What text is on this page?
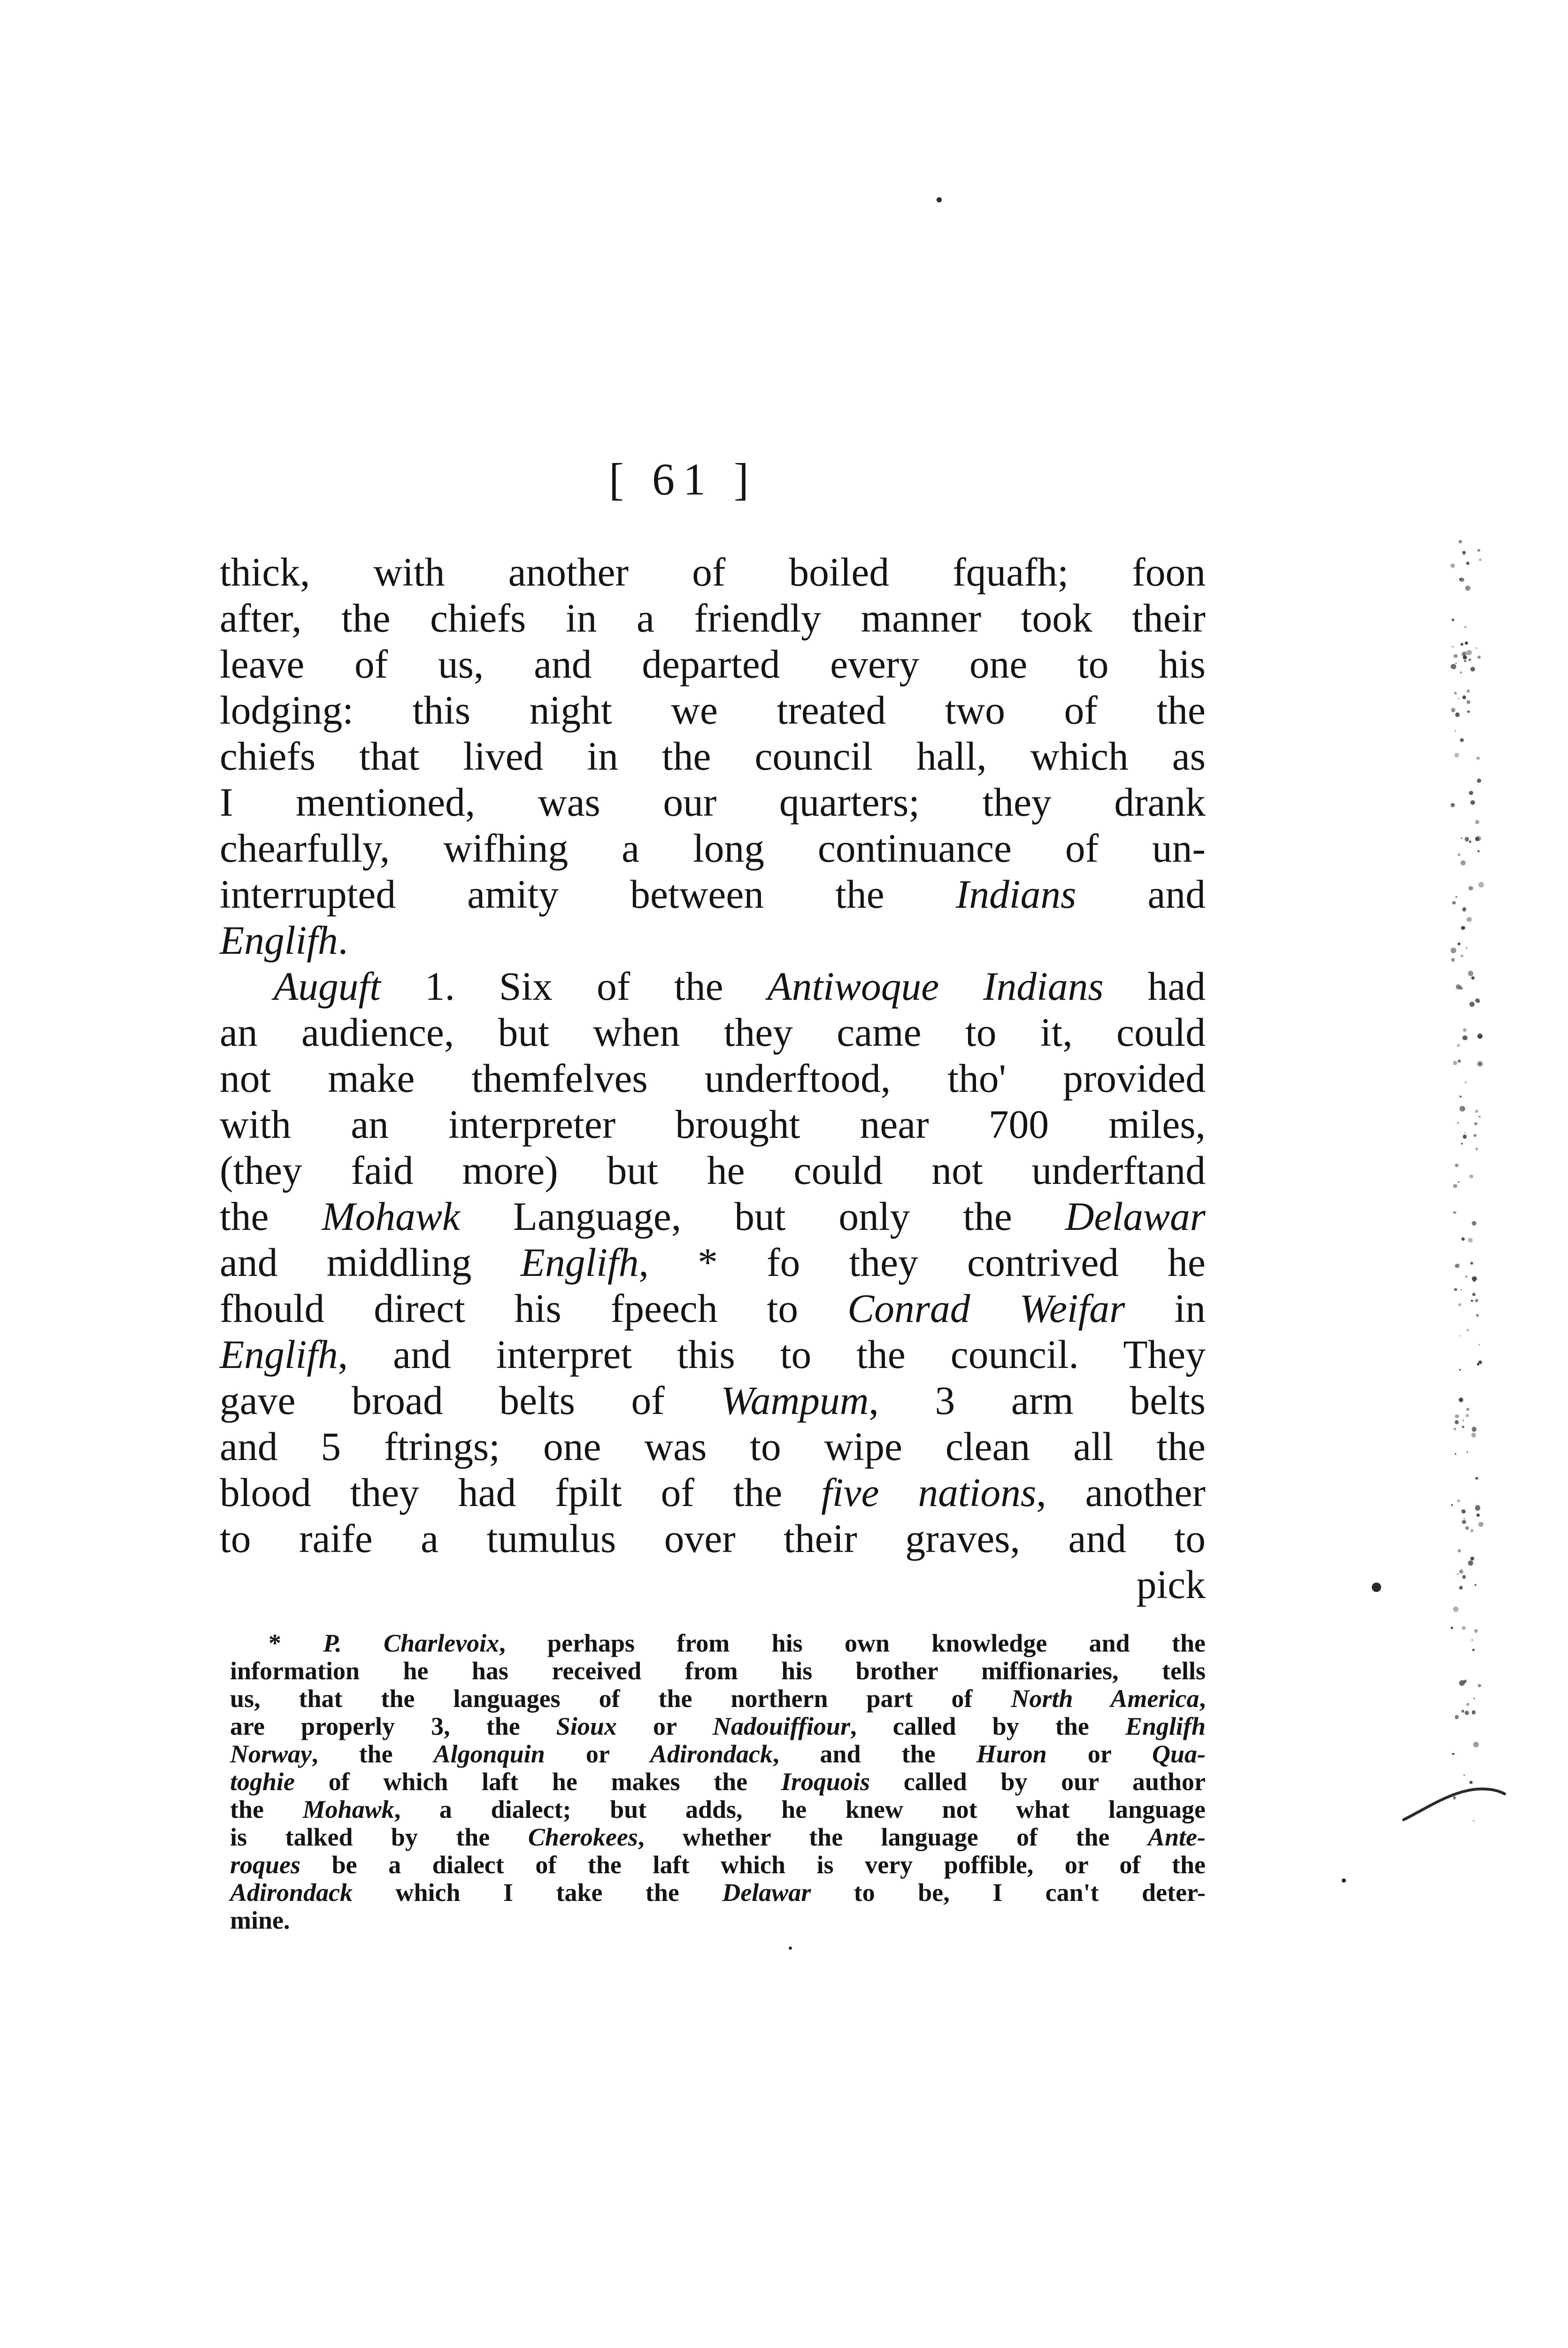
[ 61 ]
thick, with another of boiled fquafh; foon
after, the chiefs in a friendly manner took their
leave of us, and departed every one to his
lodging: this night we treated two of the
chiefs that lived in the council hall, which as
I mentioned, was our quarters; they drank
chearfully, wifhing a long continuance of un-
interrupted amity between the Indians and
Englifh.
Auguft 1. Six of the Antiwoque Indians had
an audience, but when they came to it, could
not make themfelves underftood, tho' provided
with an interpreter brought near 700 miles,
(they faid more) but he could not underftand
the Mohawk Language, but only the Delawar
and middling Englifh, * fo they contrived he
fhould direct his fpeech to Conrad Weifar in
Englifh, and interpret this to the council. They
gave broad belts of Wampum, 3 arm belts
and 5 ftrings; one was to wipe clean all the
blood they had fpilt of the five nations, another
to raife a tumulus over their graves, and to
pick
* P. Charlevoix, perhaps from his own knowledge and the
information he has received from his brother miffionaries, tells
us, that the languages of the northern part of North America,
are properly 3, the Sioux or Nadouiffiour, called by the Englifh
Norway, the Algonquin or Adirondack, and the Huron or Qua-
toghie of which laft he makes the Iroquois called by our author
the Mohawk, a dialect; but adds, he knew not what language
is talked by the Cherokees, whether the language of the Ante-
roques be a dialect of the laft which is very poffible, or of the
Adirondack which I take the Delawar to be, I can't deter-
mine.
